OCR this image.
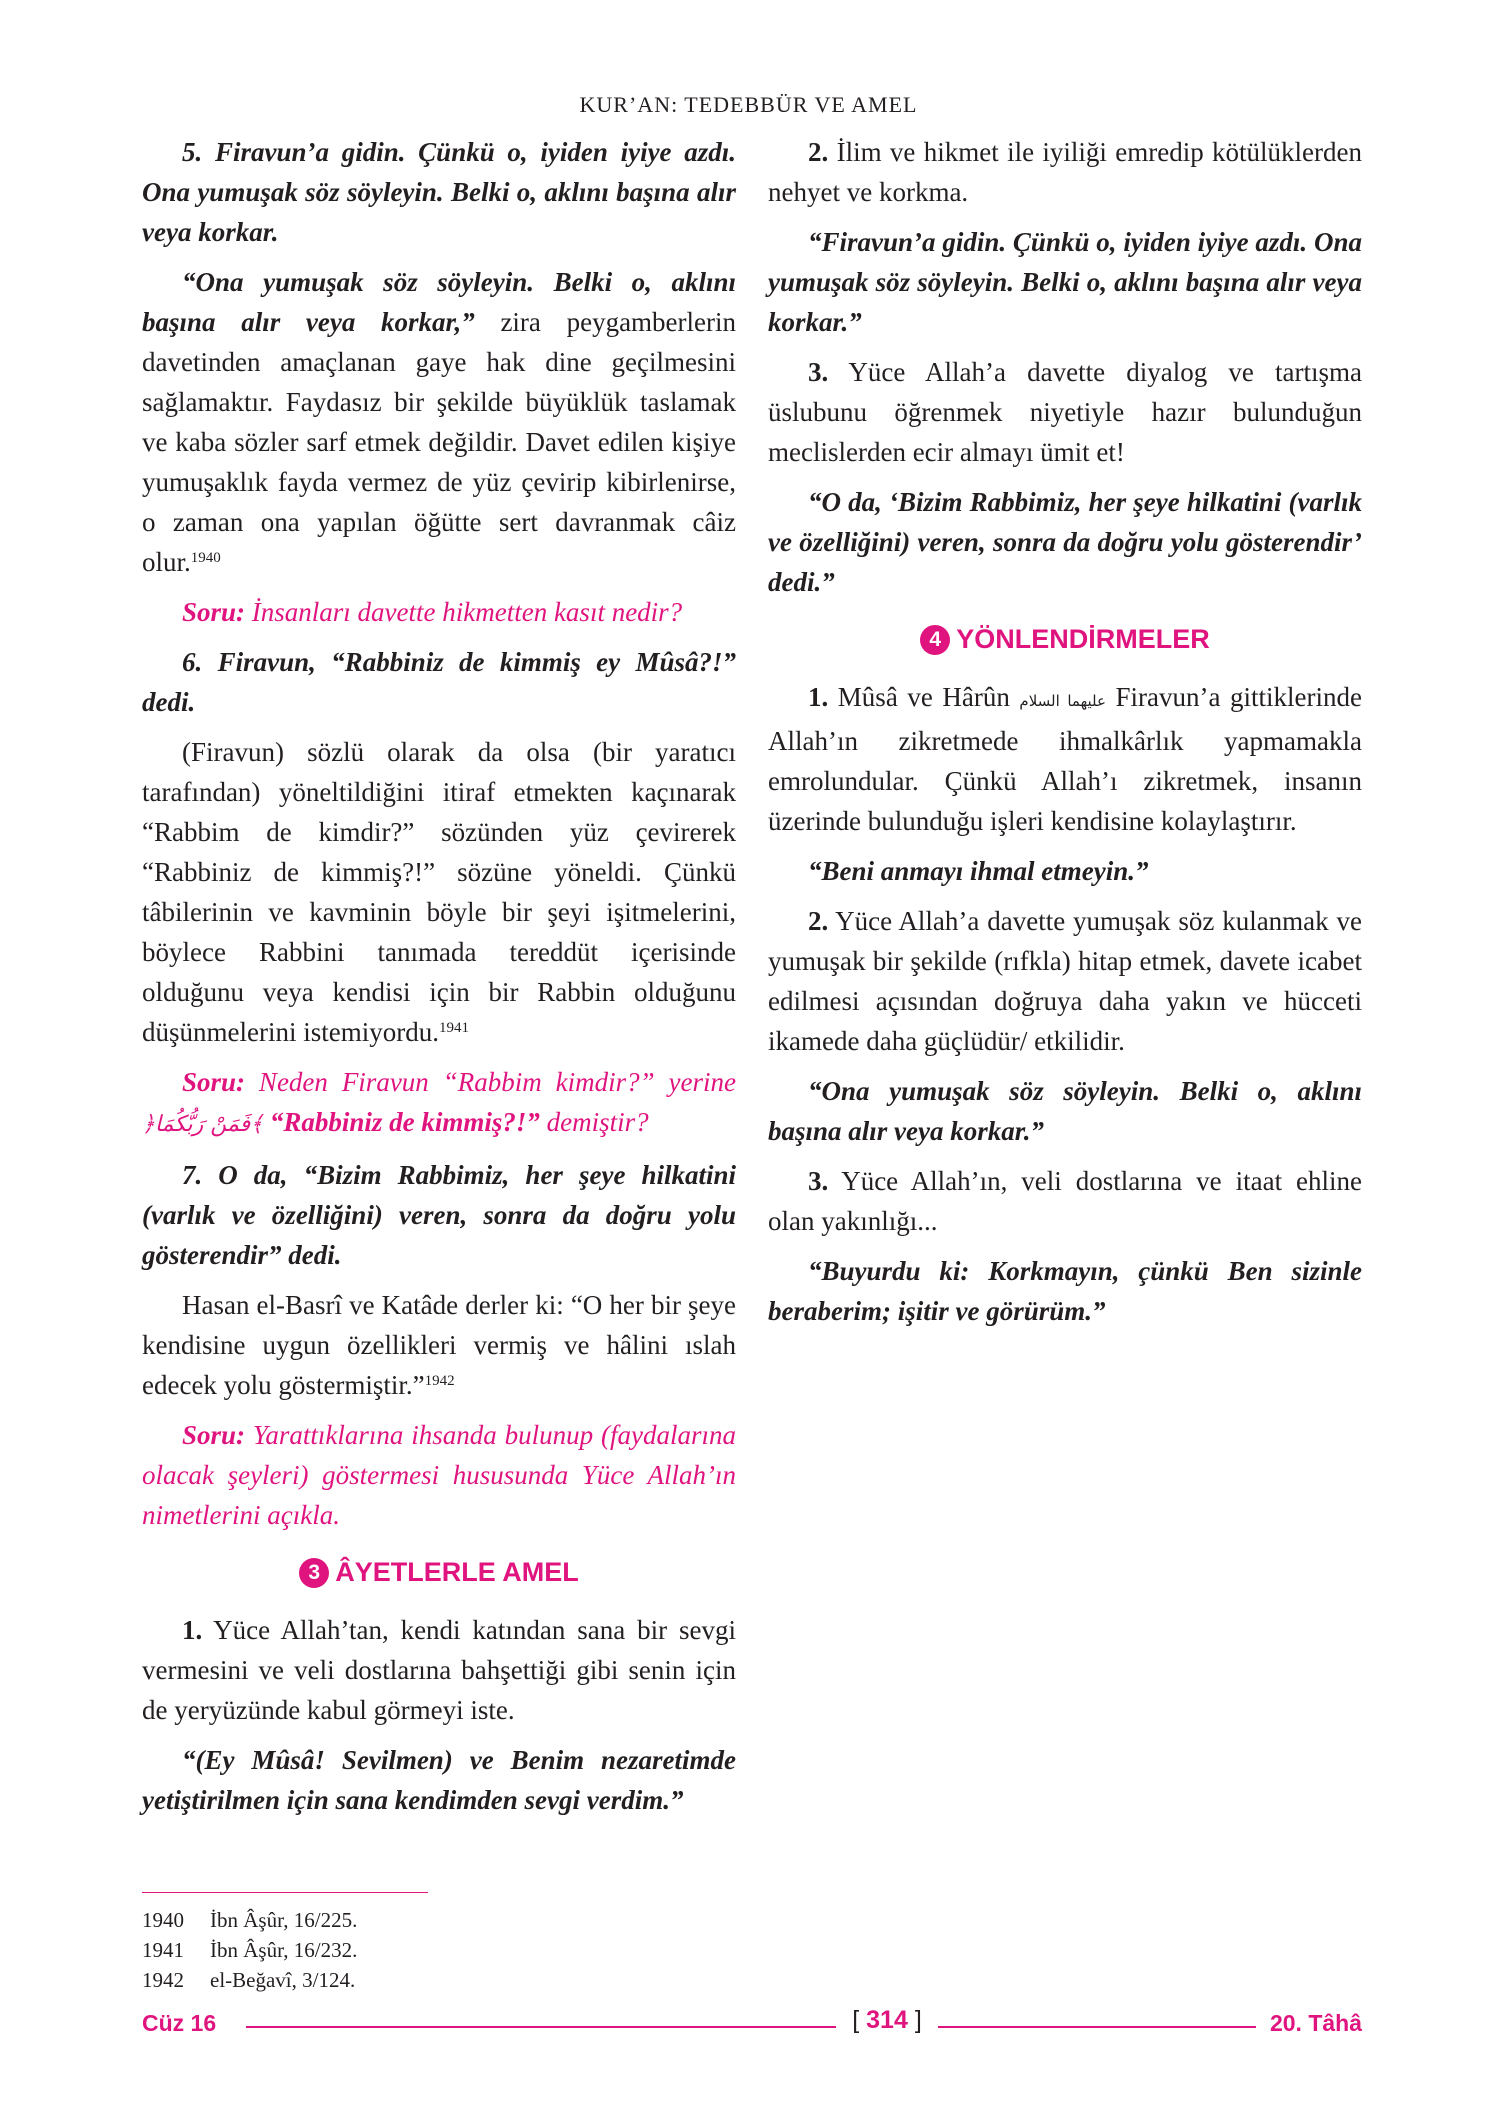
KUR’AN: TEDEBBÜR VE AMEL

5. Firavun’a gidin. Çünkü o, iyiden iyiye azdı. Ona yumuşak söz söyleyin. Belki o, aklını başına alır veya korkar.

“Ona yumuşak söz söyleyin. Belki o, aklını başına alır veya korkar,” zira peygamberlerin davetinden amaçlanan gaye hak dine geçilmesini sağlamaktır. Faydasız bir şekilde büyüklük taslamak ve kaba sözler sarf etmek değildir. Davet edilen kişiye yumuşaklık fayda vermez de yüz çevirip kibirlenirse, o zaman ona yapılan öğütte sert davranmak câiz olur.$^{1940}$

Soru: İnsanları davette hikmetten kasıt nedir?

6. Firavun, “Rabbiniz de kimmiş ey Mûsâ?!” dedi.

(Firavun) sözlü olarak da olsa (bir yaratıcı tarafından) yöneltildiğini itiraf etmekten kaçınarak “Rabbim de kimdir?” sözünden yüz çevirerek “Rabbiniz de kimmiş?!” sözüne yöneldi. Çünkü tâbilerinin ve kavminin böyle bir şeyi işitmelerini, böylece Rabbini tanımada tereddüt içerisinde olduğunu veya kendisi için bir Rabbin olduğunu düşünmelerini istemiyordu.$^{1941}$

Soru: Neden Firavun “Rabbim kimdir?” yerine ﴿فَمَنْ رَبُّكُمَا﴾ “Rabbiniz de kimmiş?!” demiştir?

7. O da, “Bizim Rabbimiz, her şeye hilkatini (varlık ve özelliğini) veren, sonra da doğru yolu gösterendir” dedi.

Hasan el-Basrî ve Katâde derler ki: “O her bir şeye kendisine uygun özellikleri vermiş ve hâlini ıslah edecek yolu göstermiştir.”$^{1942}$

Soru: Yarattıklarına ihsanda bulunup (faydalarına olacak şeyleri) göstermesi hususunda Yüce Allah’ın nimetlerini açıkla.

3 ÂYETLERLE AMEL

1. Yüce Allah’tan, kendi katından sana bir sevgi vermesini ve veli dostlarına bahşettiği gibi senin için de yeryüzünde kabul görmeyi iste.

“(Ey Mûsâ! Sevilmen) ve Benim nezaretimde yetiştirilmen için sana kendimden sevgi verdim.”

2. İlim ve hikmet ile iyiliği emredip kötülüklerden nehyet ve korkma.

“Firavun’a gidin. Çünkü o, iyiden iyiye azdı. Ona yumuşak söz söyleyin. Belki o, aklını başına alır veya korkar.”

3. Yüce Allah’a davette diyalog ve tartışma üslubunu öğrenmek niyetiyle hazır bulunduğun meclislerden ecir almayı ümit et!

“O da, ‘Bizim Rabbimiz, her şeye hilkatini (varlık ve özelliğini) veren, sonra da doğru yolu gösterendir’ dedi.”

4 YÖNLENDİRMELER

1. Mûsâ ve Hârûn عليهما السلام Firavun’a gittiklerinde Allah’ın zikretmede ihmalkârlık yapmamakla emrolundular. Çünkü Allah’ı zikretmek, insanın üzerinde bulunduğu işleri kendisine kolaylaştırır.

“Beni anmayı ihmal etmeyin.”

2. Yüce Allah’a davette yumuşak söz kulanmak ve yumuşak bir şekilde (rıfkla) hitap etmek, davete icabet edilmesi açısından doğruya daha yakın ve hücceti ikamede daha güçlüdür/ etkilidir.

“Ona yumuşak söz söyleyin. Belki o, aklını başına alır veya korkar.”

3. Yüce Allah’ın, veli dostlarına ve itaat ehline olan yakınlığı...

“Buyurdu ki: Korkmayın, çünkü Ben sizinle beraberim; işitir ve görürüm.”

1940 İbn Âşûr, 16/225.
1941 İbn Âşûr, 16/232.
1942 el-Beğavî, 3/124.
Cüz 16	[ 314 ]	20. Tâhâ
